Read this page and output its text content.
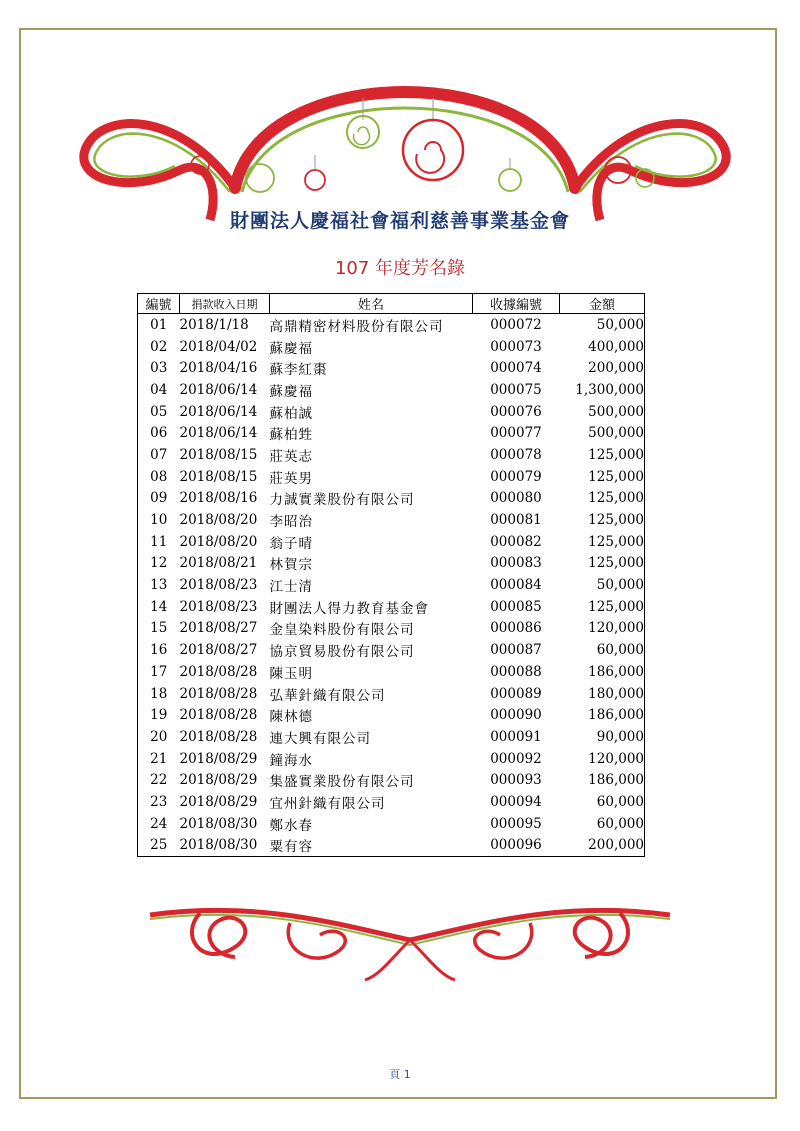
財團法人慶福社會福利慈善事業基金會
107 年度芳名錄
編號	捐款收入日期	姓名	收據編號	金額
01	2018/1/18	高鼎精密材料股份有限公司	000072	50,000
02	2018/04/02	蘇慶福	000073	400,000
03	2018/04/16	蘇李紅棗	000074	200,000
04	2018/06/14	蘇慶福	000075	1,300,000
05	2018/06/14	蘇柏誠	000076	500,000
06	2018/06/14	蘇柏甡	000077	500,000
07	2018/08/15	莊英志	000078	125,000
08	2018/08/15	莊英男	000079	125,000
09	2018/08/16	力誠實業股份有限公司	000080	125,000
10	2018/08/20	李昭治	000081	125,000
11	2018/08/20	翁子晴	000082	125,000
12	2018/08/21	林賀宗	000083	125,000
13	2018/08/23	江士清	000084	50,000
14	2018/08/23	財團法人得力教育基金會	000085	125,000
15	2018/08/27	金皇染料股份有限公司	000086	120,000
16	2018/08/27	協京貿易股份有限公司	000087	60,000
17	2018/08/28	陳玉明	000088	186,000
18	2018/08/28	弘華針織有限公司	000089	180,000
19	2018/08/28	陳林德	000090	186,000
20	2018/08/28	連大興有限公司	000091	90,000
21	2018/08/29	鐘海水	000092	120,000
22	2018/08/29	集盛實業股份有限公司	000093	186,000
23	2018/08/29	宜州針織有限公司	000094	60,000
24	2018/08/30	鄭水春	000095	60,000
25	2018/08/30	粟有容	000096	200,000
頁 1
